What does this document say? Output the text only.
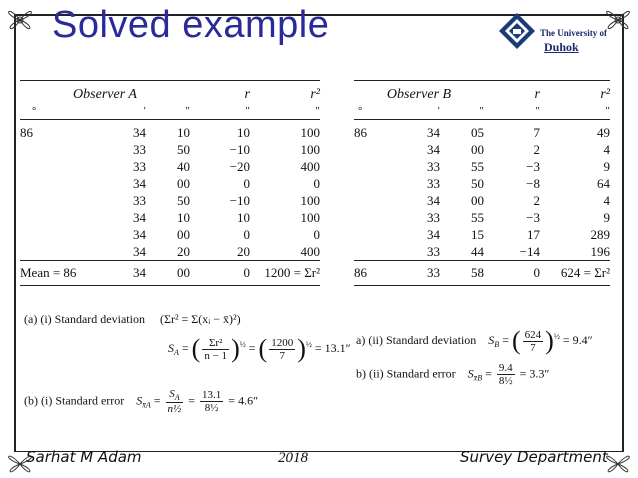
Solved example	The University of
Duhok
Observer A			r	r²
°	′	″	″	″
86	34	10	10	100
	33	50	−10	100
	33	40	−20	400
	34	00	0	0
	33	50	−10	100
	34	10	10	100
	34	00	0	0
	34	20	20	400
Mean = 86	34	00	0	1200 = Σr²
Observer B			r	r²
°	′	″	″	″
86	34	05	7	49
	34	00	2	4
	33	55	−3	9
	33	50	−8	64
	34	00	2	4
	33	55	−3	9
	34	15	17	289
	33	44	−14	196
86	33	58	0	624 = Σr²
(a) (i) Standard deviation (Σr² = Σ(xᵢ − x̄)²)
$S_A$ = ( $\frac{\text{Σr²}}{n - 1} )^{\frac{1}{2}}$ = ( $\frac{1200}{7} )^{\frac{1}{2}} = 13.1''$
(b) (i) Standard error $S_{x̄A} = \frac{S_A}{\text{n½}} = \frac{13.1}{\text{8½}} = 4.6''$
a) (ii) Standard deviation $S_B$ = ( $\frac{624}{7} )^{\frac{1}{2}} = 9.4''$
b) (ii) Standard error $S_{x̄B} = \frac{9.4}{\text{8½}} = 3.3''$
Sarhat M Adam	2018	Survey Department
